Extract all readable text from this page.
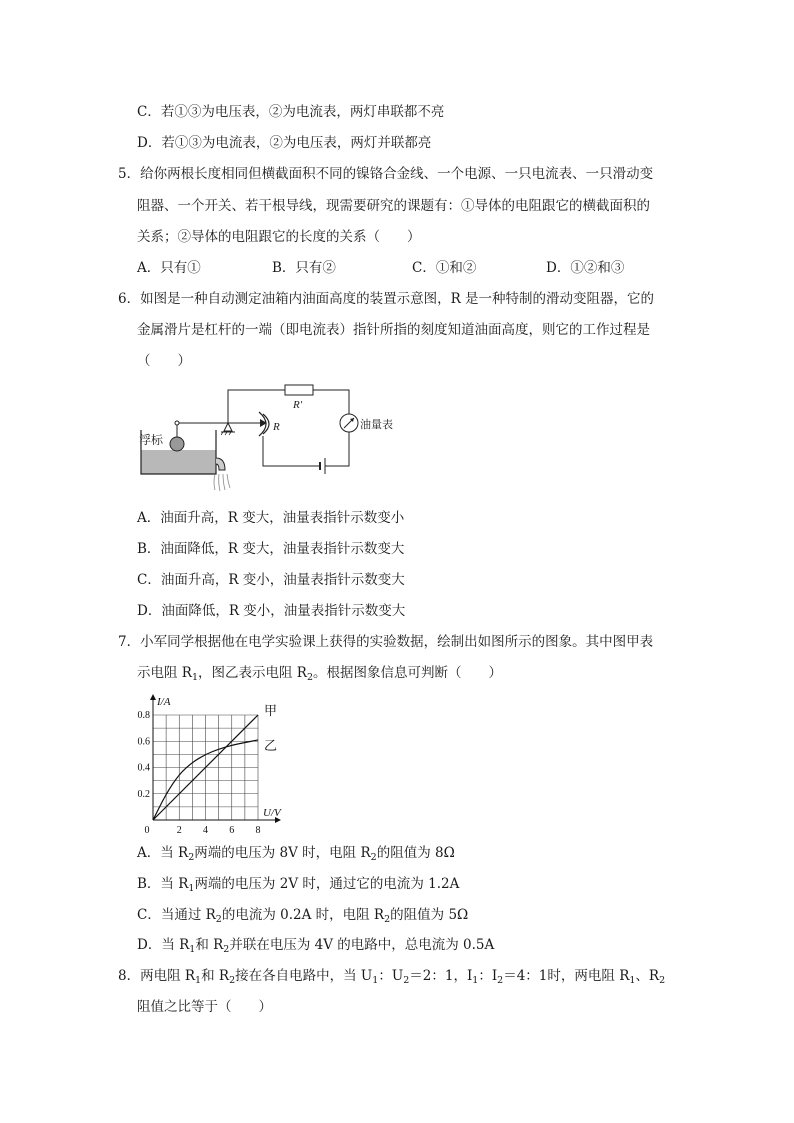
C．若①③为电压表，②为电流表，两灯串联都不亮
D．若①③为电流表，②为电压表，两灯并联都亮
5．给你两根长度相同但横截面积不同的镍铬合金线、一个电源、一只电流表、一只滑动变
阻器、一个开关、若干根导线，现需要研究的课题有：①导体的电阻跟它的横截面积的
关系；②导体的电阻跟它的长度的关系（　　）
A．只有①	B．只有②	C．①和②	D．①②和③
6．如图是一种自动测定油箱内油面高度的装置示意图，R 是一种特制的滑动变阻器，它的
金属滑片是杠杆的一端（即电流表）指针所指的刻度知道油面高度，则它的工作过程是
（　　）
浮标
R′
R	油量表
A．油面升高，R 变大，油量表指针示数变小
B．油面降低，R 变大，油量表指针示数变大
C．油面升高，R 变小，油量表指针示数变大
D．油面降低，R 变小，油量表指针示数变大
7．小军同学根据他在电学实验课上获得的实验数据，绘制出如图所示的图象。其中图甲表
示电阻 $R_1$，图乙表示电阻 $R_2$。根据图象信息可判断（　　）
0	2 4 6 8
0.2
0.4
0.6
0.8
I/A
U/V
甲
乙
A．当 $R_2$两端的电压为 8V 时，电阻 $R_2$的阻值为 8Ω
B．当 $R_1$两端的电压为 2V 时，通过它的电流为 1.2A
C．当通过 $R_2$的电流为 0.2A 时，电阻 $R_2$的阻值为 5Ω
D．当 $R_1$和 $R_2$并联在电压为 4V 的电路中，总电流为 0.5A
8．两电阻 $R_1$和 $R_2$接在各自电路中，当 $U_1$：$U_2=2$：1，$I_1$：$I_2=4$：1时，两电阻 $R_1$、$R_2$
阻值之比等于（　　）
